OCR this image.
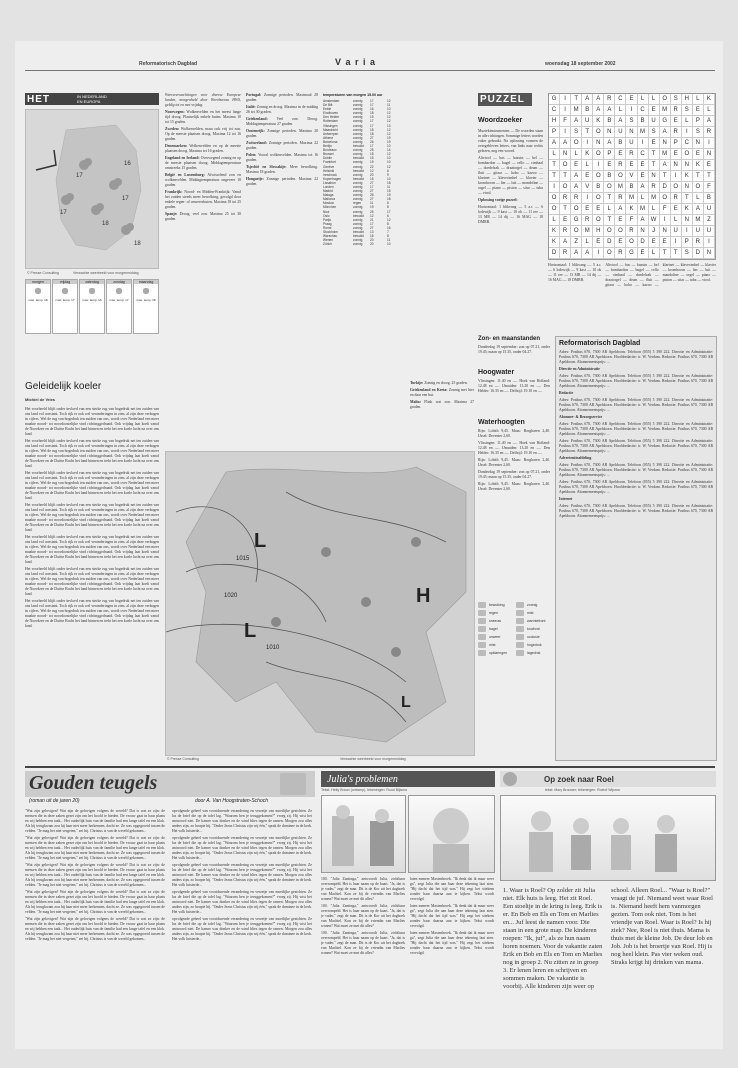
Reformatorisch Dagblad	V a r i a	woensdag 18 september 2002
HET	IN NEDERLAND
EN EUROPA
17
16
17
17
18
18
© Presse Consulting	Verwachte weerbeeld voor morgenmiddag
morgen
max. temp. 18
vrijdag
max. temp. 17
zaterdag
max. temp. 16
zondag
max. temp. 17
maandag
max. temp. 18
Geleidelijk koeler
Michiel de Vries

Het voorheeld blijft onder invloed van een sterke rug van hogedruk net ten zuiden van ons land vol constant. Toch rijk er ook wel veranderingen in zien, al zijn deze verbogen in cijfers. Wel de rug van hogedruk ten zuiden van ons, wordt over Nederland een meer maakte noord- tot noordoostelijke vind richtinggedraaid. Ook vrijdag laat koelt vanaf de Noordzee en de Duitse Bocht het land binnen en trekt het een koele lucht na over ons land.

Het voorheeld blijft onder invloed van een sterke rug van hogedruk net ten zuiden van ons land vol constant. Toch rijk er ook wel veranderingen in zien, al zijn deze verbogen in cijfers. Wel de rug van hogedruk ten zuiden van ons, wordt over Nederland een meer maakte noord- tot noordoostelijke vind richtinggedraaid. Ook vrijdag laat koelt vanaf de Noordzee en de Duitse Bocht het land binnen en trekt het een koele lucht na over ons land.

Het voorheeld blijft onder invloed van een sterke rug van hogedruk net ten zuiden van ons land vol constant. Toch rijk er ook wel veranderingen in zien, al zijn deze verbogen in cijfers. Wel de rug van hogedruk ten zuiden van ons, wordt over Nederland een meer maakte noord- tot noordoostelijke vind richtinggedraaid. Ook vrijdag laat koelt vanaf de Noordzee en de Duitse Bocht het land binnen en trekt het een koele lucht na over ons land.

Het voorheeld blijft onder invloed van een sterke rug van hogedruk net ten zuiden van ons land vol constant. Toch rijk er ook wel veranderingen in zien, al zijn deze verbogen in cijfers. Wel de rug van hogedruk ten zuiden van ons, wordt over Nederland een meer maakte noord- tot noordoostelijke vind richtinggedraaid. Ook vrijdag laat koelt vanaf de Noordzee en de Duitse Bocht het land binnen en trekt het een koele lucht na over ons land.

Het voorheeld blijft onder invloed van een sterke rug van hogedruk net ten zuiden van ons land vol constant. Toch rijk er ook wel veranderingen in zien, al zijn deze verbogen in cijfers. Wel de rug van hogedruk ten zuiden van ons, wordt over Nederland een meer maakte noord- tot noordoostelijke vind richtinggedraaid. Ook vrijdag laat koelt vanaf de Noordzee en de Duitse Bocht het land binnen en trekt het een koele lucht na over ons land.

Het voorheeld blijft onder invloed van een sterke rug van hogedruk net ten zuiden van ons land vol constant. Toch rijk er ook wel veranderingen in zien, al zijn deze verbogen in cijfers. Wel de rug van hogedruk ten zuiden van ons, wordt over Nederland een meer maakte noord- tot noordoostelijke vind richtinggedraaid. Ook vrijdag laat koelt vanaf de Noordzee en de Duitse Bocht het land binnen en trekt het een koele lucht na over ons land.

Het voorheeld blijft onder invloed van een sterke rug van hogedruk net ten zuiden van ons land vol constant. Toch rijk er ook wel veranderingen in zien, al zijn deze verbogen in cijfers. Wel de rug van hogedruk ten zuiden van ons, wordt over Nederland een meer maakte noord- tot noordoostelijke vind richtinggedraaid. Ook vrijdag laat koelt vanaf de Noordzee en de Duitse Bocht het land binnen en trekt het een koele lucht na over ons land.

Weersverwachtingen voor diverse Europese landen, morgenheld door Weerbureau HWS, geldig tot en met vrijdag.

Noorwegen: Wolkenvelden en het meest lange tijd droog. Plaatselijk enkele buien. Maxima 10 tot 15 graden.

Zweden: Wolkenvelden, maar ook vrij tot zon. Op de meeste plaatsen droog. Maxima 12 tot 16 graden.

Denemarken: Wolkenvelden en op de meeste plaatsen droog. Maxima tot 16 graden.

Engeland en Ierland: Overwegend zonnig en op de meeste plaatsen droog. Middagtemperatuur omstreeks 15 graden.

België en Luxemburg: Afwisselend zon en wolkenvelden. Middagtemperatuur ongeveer 18 graden.

Frankrijk: Noord- en Midden-Frankrijk: Vanaf het zuiden steeds meer bewolking, gevolgd door enkele regen- of onweersbuien. Maxima 18 tot 25 graden.

Spanje: Droog, veel zon. Maxima 25 tot 30 graden.

Portugal: Zonnige perioden. Maximaal 28 graden.

Italië: Zonnig en droog. Maxima in de middag 26 tot 30 graden.

Griekenland: Veel zon. Droog. Middagtemperatuur 27 graden.

Oostenrijk: Zonnige perioden. Maxima 20 graden.

Zwitserland: Zonnige perioden. Maxima 22 graden.

Polen: Vooral wolkenvelden. Maxima tot 16 graden.

Tsjechië en Slowakije: Meer bewolking. Maxima 18 graden.

Hongarije: Zonnige perioden. Maxima 22 graden.

temperaturen van morgen 15.00 uur
Amsterdam	zonnig	17	12
De Bilt	zonnig	17	11
Eelde	zonnig	16	10
Eindhoven	zonnig	18	12
Den Helder	zonnig	15	12
Rotterdam	zonnig	17	12
Vlissingen	zonnig	17	13
Maastricht	zonnig	18	12
Antwerpen	zonnig	18	12
Athene	zonnig	27	19
Barcelona	zonnig	26	19
Berlijn	bewolkt	17	10
Bordeaux	zonnig	25	14
Brussel	zonnig	18	12
Dublin	bewolkt	15	10
Frankfurt	zonnig	19	10
Genève	zonnig	22	12
Helsinki	bewolkt	12	6
Innsbruck	zonnig	20	9
Kopenhagen	bewolkt	15	10
Lissabon	zonnig	27	18
Londen	zonnig	17	11
Madrid	zonnig	27	15
Malaga	zonnig	28	19
Mallorca	zonnig	27	18
Moskou	regen	11	6
München	zonnig	19	8
Nice	zonnig	25	17
Oslo	bewolkt	12	6
Parijs	zonnig	21	12
Praag	zonnig	17	8
Rome	zonnig	27	16
Stockholm	bewolkt	13	7
Warschau	bewolkt	16	8
Wenen	zonnig	20	11
Zürich	zonnig	20	10

Turkije: Zonnig en droog. 25 graden.

Griekenland en Kreta: Zonnig met hier en daar een bui.

Malta: Flink wat zon. Maxima 27 graden.

L
L
H
L
1015
1020
1010
© Presse Consulting	Verwachte weerbeeld voor morgenmiddag
PUZZEL
Woordzoeker

Muziekinstrumenten — De woorden staan in alle richtingen. Sommige letters worden vaker gebruikt. Na oplossing vormen de overgebleven letters, van links naar rechts gelezen, nog een woord.

Altviool — bas — bazuin — bel — bombardon — bugel — cello — cimbaal — doedelzak — draaiorgel — drum — fluit — gitaar — hobo — kazoo — klarinet — klavecimbel — klavier — kromhoorn — lier — luit — mandoline — orgel — piano — piston — sitar — tuba — viool.

Oplossing vorige puzzel:

Horizontaal: 1 blikvang — 5 a.r. — 6 lodewijk — 9 kast — 10 ok — 11 ree — 13 MR — 14 dij — 16 MAG — 18 DMRB.

G	I	T	A	A	R	C	E	L	L	O	S	H	L	K
C	I	M	B	A	A	L	I	C	E	M	R	S	E	L
H	F	A	U	K	B	A	S	B	U	G	E	L	P	A
P	I	S	T	O	N	U	N	M	S	A	R	I	S	R
A	A	O	I	N	A	B	U	I	E	N	P	C	N	I
L	N	L	K	O	P	E	R	C	T	M	E	O	E	N
T	O	E	L	I	E	R	E	E	T	A	N	N	K	E
T	T	A	E	O	B	O	V	E	N	T	I	K	T	T
I	O	A	V	B	O	M	B	A	R	D	O	N	O	F
O	R	R	I	O	T	R	M	L	M	O	R	T	L	B
O	T	O	E	E	L	A	K	M	L	F	E	K	A	U
L	E	G	R	O	T	E	F	A	W	I	L	N	M	Z
K	R	O	M	H	O	O	R	N	J	N	U	I	U	U
K	A	Z	L	E	D	E	O	D	E	E	I	P	R	I
D	R	A	A	I	O	R	G	E	L	T	T	S	D	N

Horizontaal: 1 blikvang — 5 a.r. — 6 lodewijk — 9 kast — 10 ok — 11 ree — 13 MR — 14 dij — 16 MAG — 18 DMRB.

Altviool — bas — bazuin — bel — bombardon — bugel — cello — cimbaal — doedelzak — draaiorgel — drum — fluit — gitaar — hobo — kazoo — klarinet — klavecimbel — klavier — kromhoorn — lier — luit — mandoline — orgel — piano — piston — sitar — tuba — viool.

Zon- en maanstanden
Donderdag 19 september: zon op 07.21, onder 19.45; maan op 15.35, onder 04.27.
Hoogwater
Vlissingen: 11.40 en —. Hoek van Holland: 12.48 en —. IJmuiden: 13.20 en —. Den Helder: 16.35 en —. Delfzijl: 19.10 en —.
Waterhoogten

Rijn: Lobith 9,45. Maas: Borgharen 2,40. IJssel: Deventer 2,60.

Vlissingen: 11.40 en —. Hoek van Holland: 12.48 en —. IJmuiden: 13.20 en —. Den Helder: 16.35 en —. Delfzijl: 19.10 en —.

Rijn: Lobith 9,45. Maas: Borgharen 2,40. IJssel: Deventer 2,60.

Donderdag 19 september: zon op 07.21, onder 19.45; maan op 15.35, onder 04.27.

Rijn: Lobith 9,45. Maas: Borgharen 2,40. IJssel: Deventer 2,60.

bewolking
regen
sneeuw
hagel
onweer
mist
opklaringen
zonnig
mist
warmtefront
koufront
occlusie
hogedruk
lagedruk
Reformatorisch Dagblad

Adres: Postbus 670, 7300 AR Apeldoorn. Telefoon (055) 5 390 222. Directie en Administratie: Postbus 670, 7300 AR Apeldoorn. Hoofdredactie: ir. W. Verdam. Redactie: Postbus 670, 7300 AR Apeldoorn. Abonnementsprijs: ...

Directie en Administratie

Adres: Postbus 670, 7300 AR Apeldoorn. Telefoon (055) 5 390 222. Directie en Administratie: Postbus 670, 7300 AR Apeldoorn. Hoofdredactie: ir. W. Verdam. Redactie: Postbus 670, 7300 AR Apeldoorn. Abonnementsprijs: ...

Redactie

Adres: Postbus 670, 7300 AR Apeldoorn. Telefoon (055) 5 390 222. Directie en Administratie: Postbus 670, 7300 AR Apeldoorn. Hoofdredactie: ir. W. Verdam. Redactie: Postbus 670, 7300 AR Apeldoorn. Abonnementsprijs: ...

Abonnee- & Bezorgservice

Adres: Postbus 670, 7300 AR Apeldoorn. Telefoon (055) 5 390 222. Directie en Administratie: Postbus 670, 7300 AR Apeldoorn. Hoofdredactie: ir. W. Verdam. Redactie: Postbus 670, 7300 AR Apeldoorn. Abonnementsprijs: ...

Adres: Postbus 670, 7300 AR Apeldoorn. Telefoon (055) 5 390 222. Directie en Administratie: Postbus 670, 7300 AR Apeldoorn. Hoofdredactie: ir. W. Verdam. Redactie: Postbus 670, 7300 AR Apeldoorn. Abonnementsprijs: ...

Advertentieafdeling

Adres: Postbus 670, 7300 AR Apeldoorn. Telefoon (055) 5 390 222. Directie en Administratie: Postbus 670, 7300 AR Apeldoorn. Hoofdredactie: ir. W. Verdam. Redactie: Postbus 670, 7300 AR Apeldoorn. Abonnementsprijs: ...

Adres: Postbus 670, 7300 AR Apeldoorn. Telefoon (055) 5 390 222. Directie en Administratie: Postbus 670, 7300 AR Apeldoorn. Hoofdredactie: ir. W. Verdam. Redactie: Postbus 670, 7300 AR Apeldoorn. Abonnementsprijs: ...

Internet

Adres: Postbus 670, 7300 AR Apeldoorn. Telefoon (055) 5 390 222. Directie en Administratie: Postbus 670, 7300 AR Apeldoorn. Hoofdredactie: ir. W. Verdam. Redactie: Postbus 670, 7300 AR Apeldoorn. Abonnementsprijs: ...

Gouden teugels
(roman uit de jaren 20)	door A. Van Hoogstraten-Schoch

"Wat zijn gelovigen? Wat zijn de gelovigen volgens de wereld? Dat is wat ze zijn: de mensen die in deze zaken gezet zijn om het hoofd te bieden. De vrouw gaat in haar plaats en wij hebben een taak... Het ouderlijk huis van de familie had een lange tafel en een klok. Als hij terugkwam zou hij haar niet meer herkennen, dacht ze. Ze was opgegroeid tussen de velden. "Je mag het niet vergeten," zei hij. Christus is van de wereld gekomen...

"Wat zijn gelovigen? Wat zijn de gelovigen volgens de wereld? Dat is wat ze zijn: de mensen die in deze zaken gezet zijn om het hoofd te bieden. De vrouw gaat in haar plaats en wij hebben een taak... Het ouderlijk huis van de familie had een lange tafel en een klok. Als hij terugkwam zou hij haar niet meer herkennen, dacht ze. Ze was opgegroeid tussen de velden. "Je mag het niet vergeten," zei hij. Christus is van de wereld gekomen...

"Wat zijn gelovigen? Wat zijn de gelovigen volgens de wereld? Dat is wat ze zijn: de mensen die in deze zaken gezet zijn om het hoofd te bieden. De vrouw gaat in haar plaats en wij hebben een taak... Het ouderlijk huis van de familie had een lange tafel en een klok. Als hij terugkwam zou hij haar niet meer herkennen, dacht ze. Ze was opgegroeid tussen de velden. "Je mag het niet vergeten," zei hij. Christus is van de wereld gekomen...

"Wat zijn gelovigen? Wat zijn de gelovigen volgens de wereld? Dat is wat ze zijn: de mensen die in deze zaken gezet zijn om het hoofd te bieden. De vrouw gaat in haar plaats en wij hebben een taak... Het ouderlijk huis van de familie had een lange tafel en een klok. Als hij terugkwam zou hij haar niet meer herkennen, dacht ze. Ze was opgegroeid tussen de velden. "Je mag het niet vergeten," zei hij. Christus is van de wereld gekomen...

"Wat zijn gelovigen? Wat zijn de gelovigen volgens de wereld? Dat is wat ze zijn: de mensen die in deze zaken gezet zijn om het hoofd te bieden. De vrouw gaat in haar plaats en wij hebben een taak... Het ouderlijk huis van de familie had een lange tafel en een klok. Als hij terugkwam zou hij haar niet meer herkennen, dacht ze. Ze was opgegroeid tussen de velden. "Je mag het niet vergeten," zei hij. Christus is van de wereld gekomen...

opvolgende geheel van voortdurende verandering en verzetje van moeilijke gezichten. Ze las de brief die op de tafel lag. "Waarom ben je teruggekomen?" vroeg zij. Hij wist het antwoord niet. De kamer was donker en de wind blies tegen de ramen. Morgen zou alles anders zijn, zo hoopte hij. "Onder Jezus Christus zijn wij één," sprak de dominee in de kerk. Het volk luisterde...

opvolgende geheel van voortdurende verandering en verzetje van moeilijke gezichten. Ze las de brief die op de tafel lag. "Waarom ben je teruggekomen?" vroeg zij. Hij wist het antwoord niet. De kamer was donker en de wind blies tegen de ramen. Morgen zou alles anders zijn, zo hoopte hij. "Onder Jezus Christus zijn wij één," sprak de dominee in de kerk. Het volk luisterde...

opvolgende geheel van voortdurende verandering en verzetje van moeilijke gezichten. Ze las de brief die op de tafel lag. "Waarom ben je teruggekomen?" vroeg zij. Hij wist het antwoord niet. De kamer was donker en de wind blies tegen de ramen. Morgen zou alles anders zijn, zo hoopte hij. "Onder Jezus Christus zijn wij één," sprak de dominee in de kerk. Het volk luisterde...

opvolgende geheel van voortdurende verandering en verzetje van moeilijke gezichten. Ze las de brief die op de tafel lag. "Waarom ben je teruggekomen?" vroeg zij. Hij wist het antwoord niet. De kamer was donker en de wind blies tegen de ramen. Morgen zou alles anders zijn, zo hoopte hij. "Onder Jezus Christus zijn wij één," sprak de dominee in de kerk. Het volk luisterde...

opvolgende geheel van voortdurende verandering en verzetje van moeilijke gezichten. Ze las de brief die op de tafel lag. "Waarom ben je teruggekomen?" vroeg zij. Hij wist het antwoord niet. De kamer was donker en de wind blies tegen de ramen. Morgen zou alles anders zijn, zo hoopte hij. "Onder Jezus Christus zijn wij één," sprak de dominee in de kerk. Het volk luisterde...

Julia's problemen
Tekst: Hetty Braun (ontwerp), tekeningen: Ruud Bijlsma

100. "Julia Zantinga," antwoordt Julia, zichtbaar overrompeld. Het is haar naam op de kaart. "Ja, dat is je vader," zegt de man. Dit is de Kor uit het dagboek van Machiel. Kon ze bij de vriendin van Marlies wonen? Wat moet ze met dit alles?

100. "Julia Zantinga," antwoordt Julia, zichtbaar overrompeld. Het is haar naam op de kaart. "Ja, dat is je vader," zegt de man. Dit is de Kor uit het dagboek van Machiel. Kon ze bij de vriendin van Marlies wonen? Wat moet ze met dit alles?

100. "Julia Zantinga," antwoordt Julia, zichtbaar overrompeld. Het is haar naam op de kaart. "Ja, dat is je vader," zegt de man. Dit is de Kor uit het dagboek van Machiel. Kon ze bij de vriendin van Marlies wonen? Wat moet ze met dit alles?

laten meneer Mastenbroek. "Ik denk dat ik maar weer ga", zegt Julia die aan haar deze tekening laat zien. "Hij dacht dat het tijd was." Hij zegt het stiekem zonder haar daarna aan te kijken. Tekst wordt vervolgd.

laten meneer Mastenbroek. "Ik denk dat ik maar weer ga", zegt Julia die aan haar deze tekening laat zien. "Hij dacht dat het tijd was." Hij zegt het stiekem zonder haar daarna aan te kijken. Tekst wordt vervolgd.

laten meneer Mastenbroek. "Ik denk dat ik maar weer ga", zegt Julia die aan haar deze tekening laat zien. "Hij dacht dat het tijd was." Hij zegt het stiekem zonder haar daarna aan te kijken. Tekst wordt vervolgd.

Op zoek naar Roel
tekst: Mary Brouwer; tekeningen: Roelof Wijsma
1. Waar is Roel? Op zolder zit Julia niet. Elk huis is leeg. Het zit Roel. Een stoeltje in de kring is leeg. Erik is er. En Bob en Els en Tom en Marlies en... Juf leest de namen voor. Die staan in een grote map. De kinderen roepen: "Ik, juf", als ze hun naam horen noemen. Voor de vakantie zaten Erik en Bob en Els en Tom en Marlies nog in groep 2. Nu zitten ze in groep 3. Er lenen leren en schrijven en sommen maken. De vakantie is voorbij. Alle kinderen zijn weer op
school. Alleen Roel... "Waar is Roel?" vraagt de juf. Niemand weet waar Roel is. Niemand heeft hem vanmorgen gezien. Tom ook niet. Tom is het vriendje van Roel. Waar is Roel? Is hij ziek? Nee, Roel is niet thuis. Mama is thuis met de kleine Job. De deur lob en Job. Job is het broertje van Roel. Hij is nog heel klein. Pas vier weken oud. Straks krijgt hij drinken van mama.
